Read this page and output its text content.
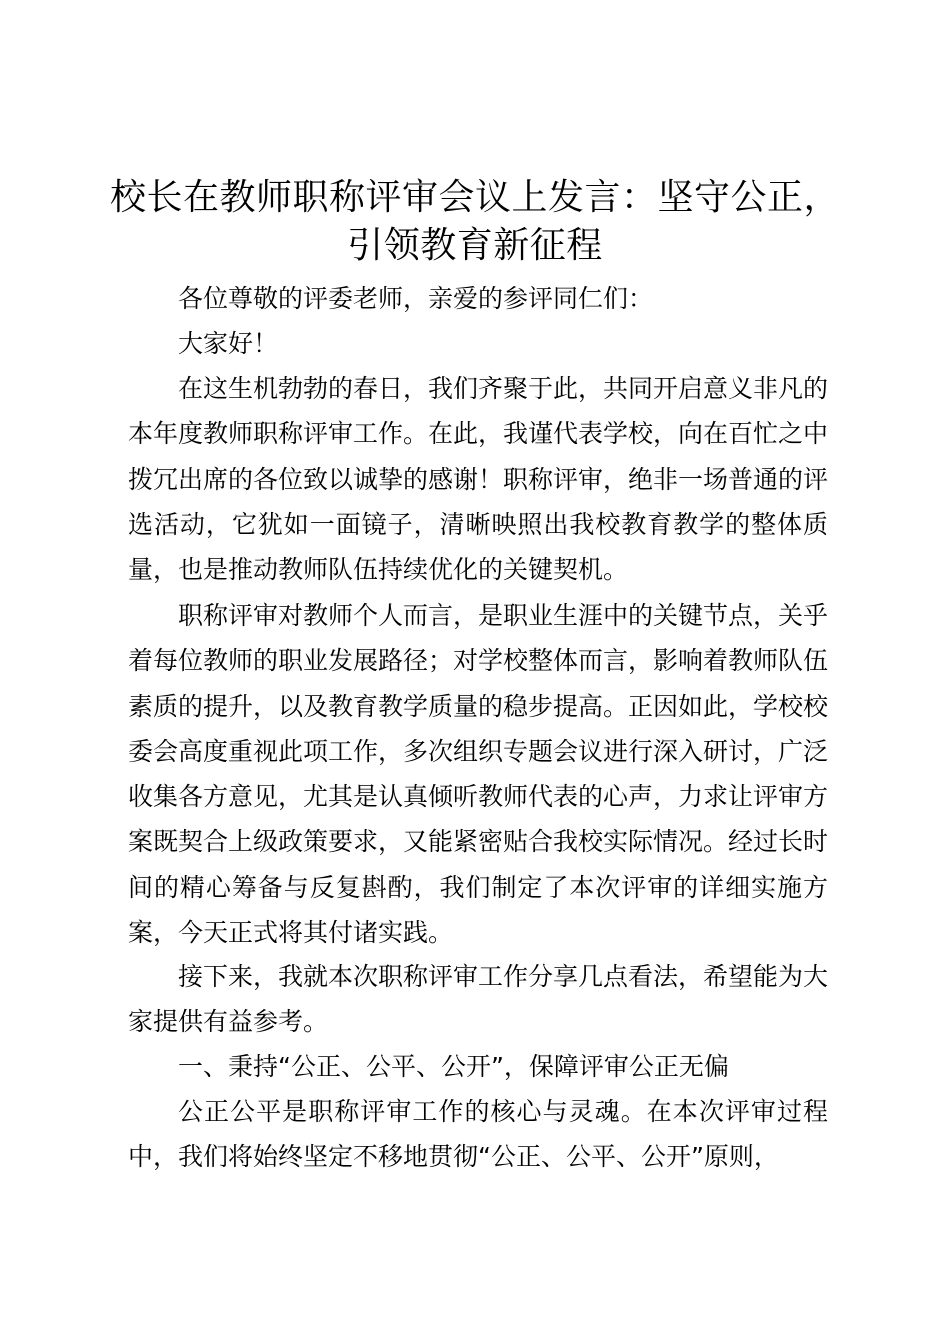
校长在教师职称评审会议上发言：坚守公正，
引领教育新征程

各位尊敬的评委老师，亲爱的参评同仁们：

大家好！

在这生机勃勃的春日，我们齐聚于此，共同开启意义非凡的本年度教师职称评审工作。在此，我谨代表学校，向在百忙之中拨冗出席的各位致以诚挚的感谢！职称评审，绝非一场普通的评选活动，它犹如一面镜子，清晰映照出我校教育教学的整体质量，也是推动教师队伍持续优化的关键契机。

职称评审对教师个人而言，是职业生涯中的关键节点，关乎着每位教师的职业发展路径；对学校整体而言，影响着教师队伍素质的提升，以及教育教学质量的稳步提高。正因如此，学校校委会高度重视此项工作，多次组织专题会议进行深入研讨，广泛收集各方意见，尤其是认真倾听教师代表的心声，力求让评审方案既契合上级政策要求，又能紧密贴合我校实际情况。经过长时间的精心筹备与反复斟酌，我们制定了本次评审的详细实施方案，今天正式将其付诸实践。

接下来，我就本次职称评审工作分享几点看法，希望能为大家提供有益参考。

一、秉持“公正、公平、公开”，保障评审公正无偏

公正公平是职称评审工作的核心与灵魂。在本次评审过程中，我们将始终坚定不移地贯彻“公正、公平、公开”原则，
